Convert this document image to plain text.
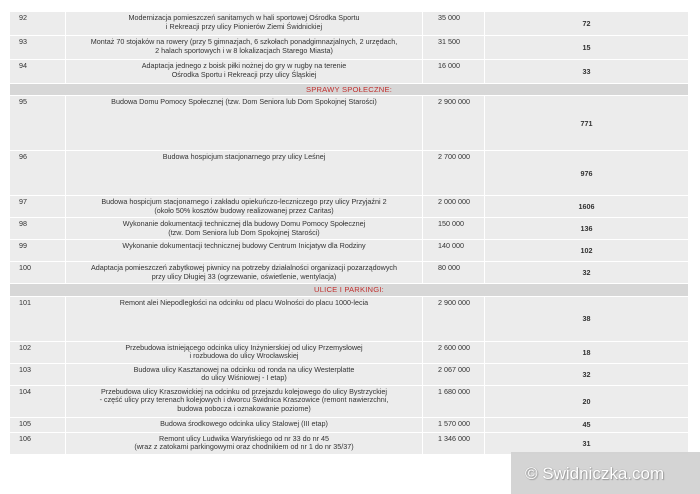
92	Modernizacja pomieszczeń sanitarnych w hali sportowej Ośrodka Sportu
i Rekreacji przy ulicy Pionierów Ziemi Świdnickiej	35 000	72
93	Montaż 70 stojaków na rowery (przy 5 gimnazjach, 6 szkołach ponadgimnazjalnych, 2 urzędach,
2 halach sportowych i w 8 lokalizacjach Starego Miasta)	31 500	15
94	Adaptacja jednego z boisk piłki nożnej do gry w rugby na terenie
Ośrodka Sportu i Rekreacji przy ulicy Śląskiej	16 000	33
SPRAWY SPOŁECZNE:			
95	Budowa Domu Pomocy Społecznej (tzw. Dom Seniora lub Dom Spokojnej Starości)	2 900 000	771
96	Budowa hospicjum stacjonarnego przy ulicy Leśnej	2 700 000	976
97	Budowa hospicjum stacjonarnego i zakładu opiekuńczo-leczniczego przy ulicy Przyjaźni 2
(około 50% kosztów budowy realizowanej przez Caritas)	2 000 000	1606
98	Wykonanie dokumentacji technicznej dla budowy Domu Pomocy Społecznej
(tzw. Dom Seniora lub Dom Spokojnej Starości)	150 000	136
99	Wykonanie dokumentacji technicznej budowy Centrum Inicjatyw dla Rodziny	140 000	102
100	Adaptacja pomieszczeń zabytkowej piwnicy na potrzeby działalności organizacji pozarządowych
przy ulicy Długiej 33 (ogrzewanie, oświetlenie, wentylacja)	80 000	32
ULICE I PARKINGI:			
101	Remont alei Niepodległości na odcinku od placu Wolności do placu 1000-lecia	2 900 000	38
102	Przebudowa istniejącego odcinka ulicy Inżynierskiej od ulicy Przemysłowej
i rozbudowa do ulicy Wrocławskiej	2 600 000	18
103	Budowa ulicy Kasztanowej na odcinku od ronda na ulicy Westerplatte
do ulicy Wiśniowej - I etap)	2 067 000	32
104	Przebudowa ulicy Kraszowickiej na odcinku od przejazdu kolejowego do ulicy Bystrzyckiej
- część ulicy przy terenach kolejowych i dworcu Świdnica Kraszowice (remont nawierzchni,
budowa pobocza i oznakowanie poziome)	1 680 000	20
105	Budowa środkowego odcinka ulicy Stalowej (III etap)	1 570 000	45
106	Remont ulicy Ludwika Waryńskiego od nr 33 do nr 45
(wraz z zatokami parkingowymi oraz chodnikiem od nr 1 do nr 35/37)	1 346 000	31
© Swidniczka.com
